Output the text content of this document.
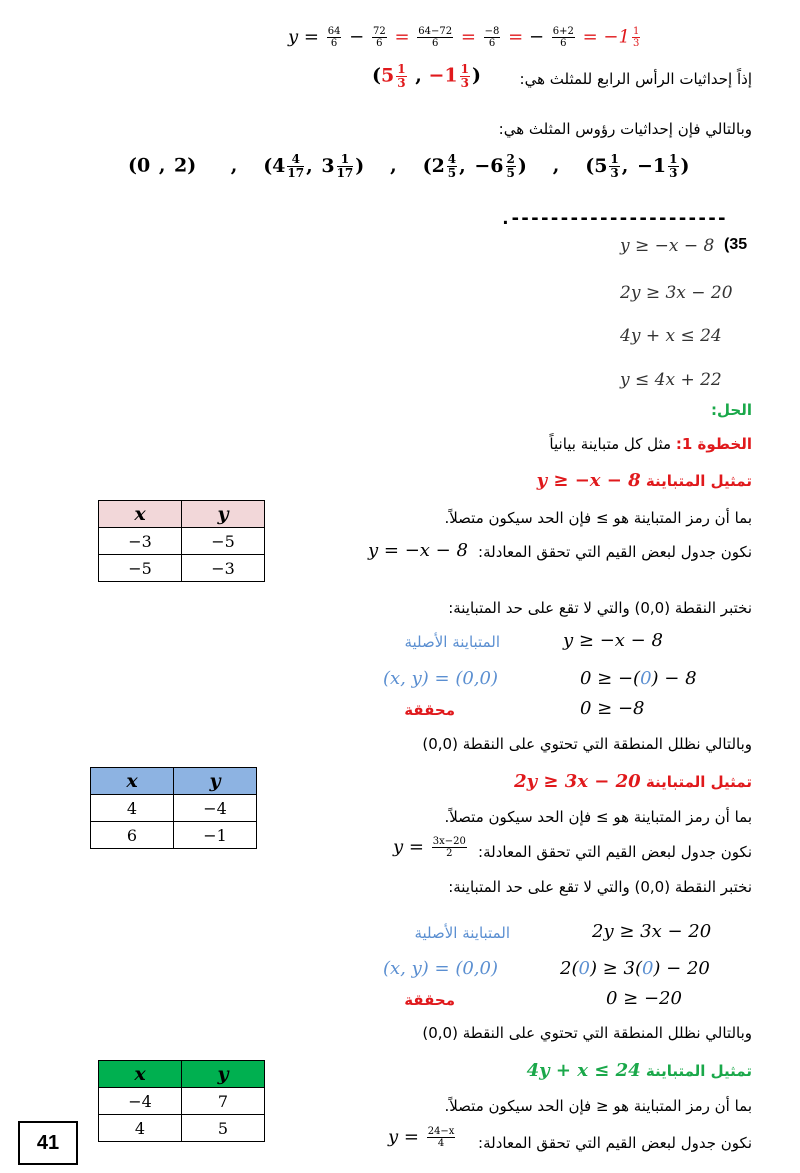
$y = \frac{64}{6} - \frac{72}{6} = \frac{64-72}{6} = \frac{-8}{6}$ = − $\frac{6+2}{6} = -1 \frac{1}{3}$
إذاً إحداثيات الرأس الرابع للمثلث هي:
($5 \frac{1}{3}$ , $-1 \frac{1}{3}$ )
وبالتالي فإن إحداثيات رؤوس المثلث هي:
(0 , 2)    ,   ($4 \frac{4}{17}$ , $3 \frac{1}{17}$ )   ,   ($2 \frac{4}{5}$ , $-6 \frac{2}{5}$ )   ,   ($5 \frac{1}{3}$ , $-1 \frac{1}{3}$ )
.----------------------
(35
y ≥ −x − 8
2y ≥ 3x − 20
4y + x ≤ 24
y ≤ 4x + 22
الحل:
الخطوة 1: مثل كل متباينة بيانياً
تمثيل المتباينة y ≥ −x − 8
x	y
−3	−5
−5	−3
بما أن رمز المتباينة هو ≥ فإن الحد سيكون متصلاً.
نكون جدول لبعض القيم التي تحقق المعادلة:
y = −x − 8
نختبر النقطة (0,0) والتي لا تقع على حد المتباينة:
المتباينة الأصلية	y ≥ −x − 8
(x, y) = (0,0)	0 ≥ −(0) − 8
محققة	0 ≥ −8
وبالتالي نظلل المنطقة التي تحتوي على النقطة (0,0)
تمثيل المتباينة 2y ≥ 3x − 20
x	y
4	−4
6	−1
بما أن رمز المتباينة هو ≥ فإن الحد سيكون متصلاً.
نكون جدول لبعض القيم التي تحقق المعادلة:
$y = \frac{3x-20}{2}$
نختبر النقطة (0,0) والتي لا تقع على حد المتباينة:
المتباينة الأصلية	2y ≥ 3x − 20
(x, y) = (0,0)	2(0) ≥ 3(0) − 20
محققة	0 ≥ −20
وبالتالي نظلل المنطقة التي تحتوي على النقطة (0,0)
تمثيل المتباينة 4y + x ≤ 24
x	y
−4	7
4	5
بما أن رمز المتباينة هو ≤ فإن الحد سيكون متصلاً.
نكون جدول لبعض القيم التي تحقق المعادلة:
$y = \frac{24-x}{4}$
41
